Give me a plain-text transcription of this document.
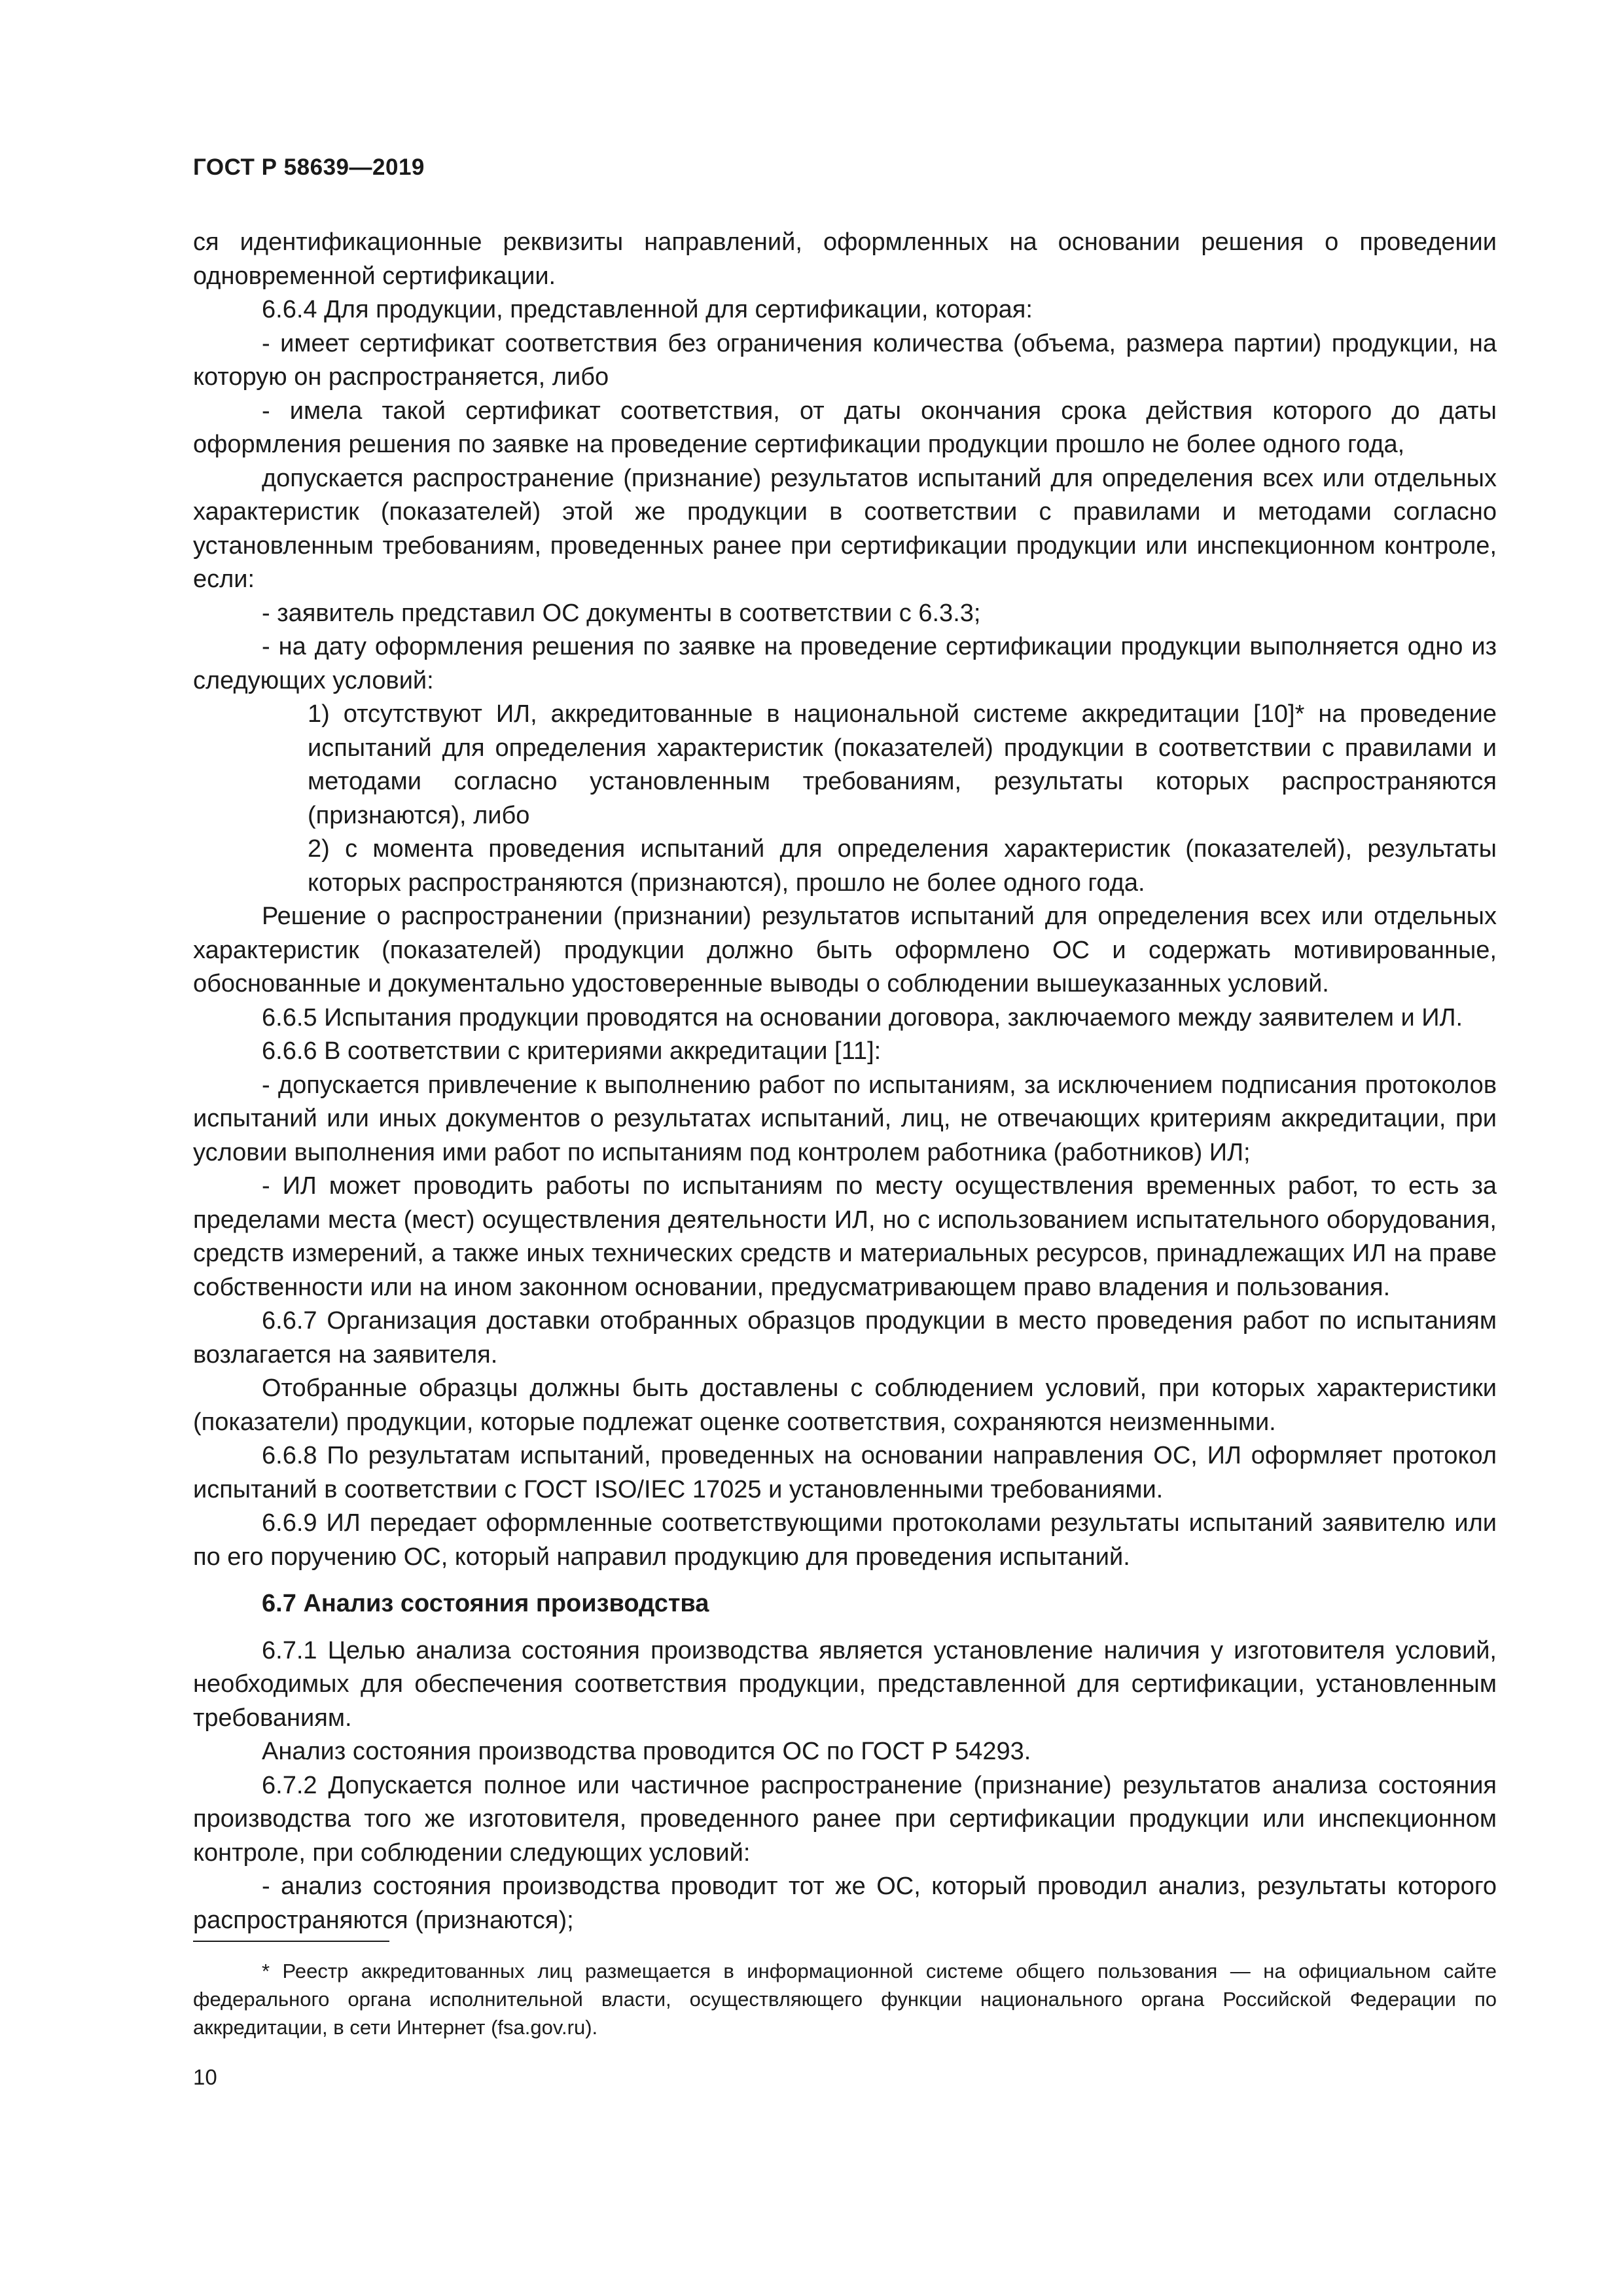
ГОСТ Р 58639—2019

ся идентификационные реквизиты направлений, оформленных на основании решения о проведении одновременной сертификации.

6.6.4 Для продукции, представленной для сертификации, которая:

- имеет сертификат соответствия без ограничения количества (объема, размера партии) продукции, на которую он распространяется, либо

- имела такой сертификат соответствия, от даты окончания срока действия которого до даты оформления решения по заявке на проведение сертификации продукции прошло не более одного года,

допускается распространение (признание) результатов испытаний для определения всех или отдельных характеристик (показателей) этой же продукции в соответствии с правилами и методами согласно установленным требованиям, проведенных ранее при сертификации продукции или инспекционном контроле, если:

- заявитель представил ОС документы в соответствии с 6.3.3;

- на дату оформления решения по заявке на проведение сертификации продукции выполняется одно из следующих условий:

1) отсутствуют ИЛ, аккредитованные в национальной системе аккредитации [10]* на проведение испытаний для определения характеристик (показателей) продукции в соответствии с правилами и методами согласно установленным требованиям, результаты которых распространяются (признаются), либо

2) с момента проведения испытаний для определения характеристик (показателей), результаты которых распространяются (признаются), прошло не более одного года.

Решение о распространении (признании) результатов испытаний для определения всех или отдельных характеристик (показателей) продукции должно быть оформлено ОС и содержать мотивированные, обоснованные и документально удостоверенные выводы о соблюдении вышеуказанных условий.

6.6.5 Испытания продукции проводятся на основании договора, заключаемого между заявителем и ИЛ.

6.6.6 В соответствии с критериями аккредитации [11]:

- допускается привлечение к выполнению работ по испытаниям, за исключением подписания протоколов испытаний или иных документов о результатах испытаний, лиц, не отвечающих критериям аккредитации, при условии выполнения ими работ по испытаниям под контролем работника (работников) ИЛ;

- ИЛ может проводить работы по испытаниям по месту осуществления временных работ, то есть за пределами места (мест) осуществления деятельности ИЛ, но с использованием испытательного оборудования, средств измерений, а также иных технических средств и материальных ресурсов, принадлежащих ИЛ на праве собственности или на ином законном основании, предусматривающем право владения и пользования.

6.6.7 Организация доставки отобранных образцов продукции в место проведения работ по испытаниям возлагается на заявителя.

Отобранные образцы должны быть доставлены с соблюдением условий, при которых характеристики (показатели) продукции, которые подлежат оценке соответствия, сохраняются неизменными.

6.6.8 По результатам испытаний, проведенных на основании направления ОС, ИЛ оформляет протокол испытаний в соответствии с ГОСТ ISO/IEC 17025 и установленными требованиями.

6.6.9 ИЛ передает оформленные соответствующими протоколами результаты испытаний заявителю или по его поручению ОС, который направил продукцию для проведения испытаний.

6.7 Анализ состояния производства

6.7.1 Целью анализа состояния производства является установление наличия у изготовителя условий, необходимых для обеспечения соответствия продукции, представленной для сертификации, установленным требованиям.

Анализ состояния производства проводится ОС по ГОСТ Р 54293.

6.7.2 Допускается полное или частичное распространение (признание) результатов анализа состояния производства того же изготовителя, проведенного ранее при сертификации продукции или инспекционном контроле, при соблюдении следующих условий:

- анализ состояния производства проводит тот же ОС, который проводил анализ, результаты которого распространяются (признаются);

* Реестр аккредитованных лиц размещается в информационной системе общего пользования — на официальном сайте федерального органа исполнительной власти, осуществляющего функции национального органа Российской Федерации по аккредитации, в сети Интернет (fsa.gov.ru).

10
